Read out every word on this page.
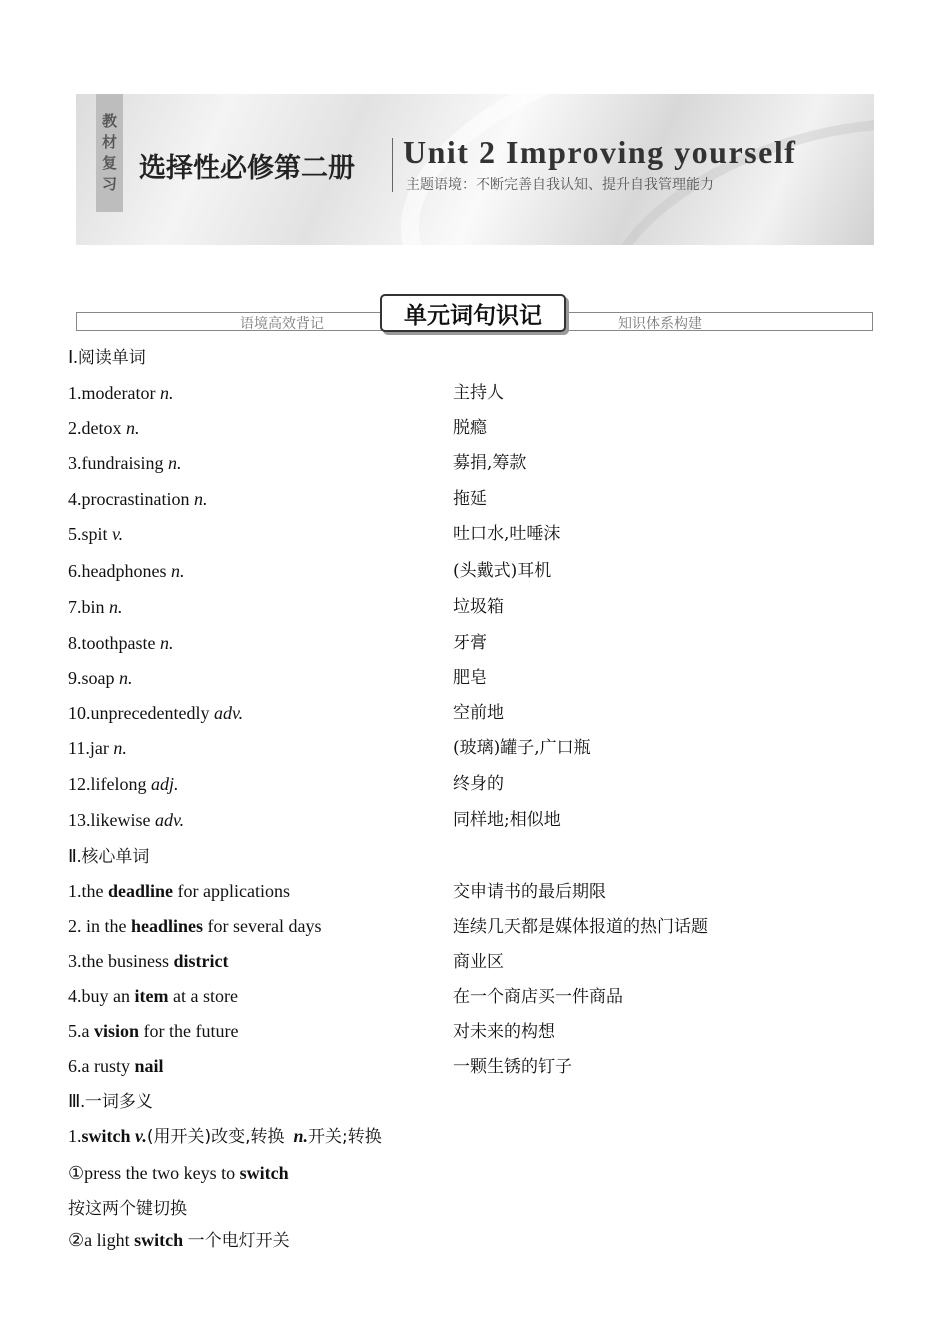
教
材
复
习 选择性必修第二册 Unit 2 Improving yourself
主题语境：不断完善自我认知、提升自我管理能力
语境高效背记	知识体系构建
单元词句识记
Ⅰ.阅读单词
1.moderator n.	主持人
2.detox n.	脱瘾
3.fundraising n.	募捐,筹款
4.procrastination n.	拖延
5.spit v.	吐口水,吐唾沫
6.headphones n.	(头戴式)耳机
7.bin n.	垃圾箱
8.toothpaste n.	牙膏
9.soap n.	肥皂
10.unprecedentedly adv.	空前地
11.jar n.	(玻璃)罐子,广口瓶
12.lifelong adj.	终身的
13.likewise adv.	同样地;相似地
Ⅱ.核心单词
1.the deadline for applications	交申请书的最后期限
2. in the headlines for several days	连续几天都是媒体报道的热门话题
3.the business district	商业区
4.buy an item at a store	在一个商店买一件商品
5.a vision for the future	对未来的构想
6.a rusty nail	一颗生锈的钉子
Ⅲ.一词多义
1.switch v.(用开关)改变,转换 n.开关;转换
①press the two keys to switch
按这两个键切换
②a light switch 一个电灯开关
